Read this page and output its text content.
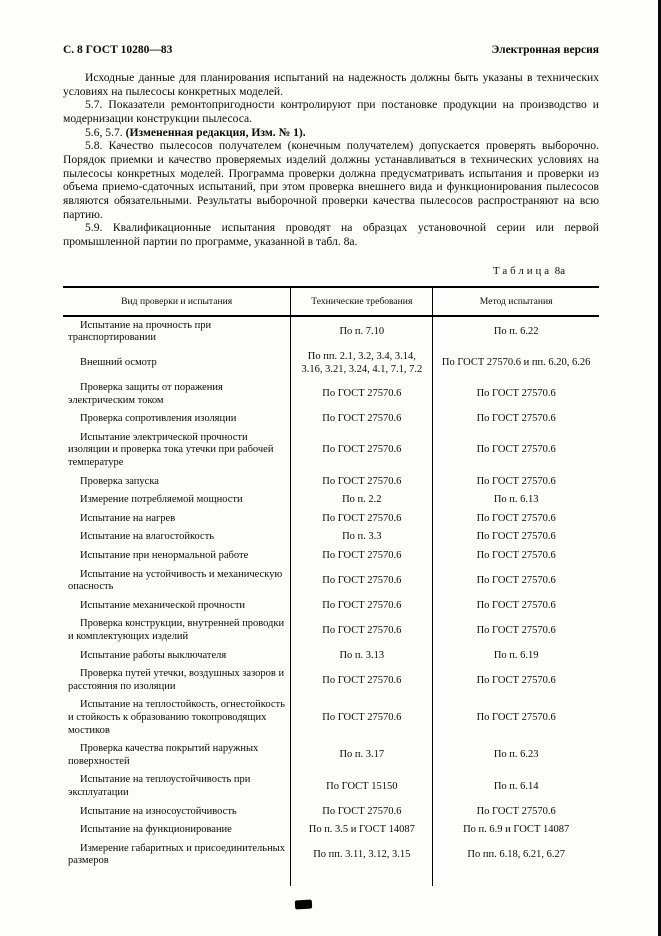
С. 8 ГОСТ 10280—83	Электронная версия

Исходные данные для планирования испытаний на надежность должны быть указаны в технических условиях на пылесосы конкретных моделей.

5.7. Показатели ремонтопригодности контролируют при постановке продукции на производство и модернизации конструкции пылесоса.

5.6, 5.7. (Измененная редакция, Изм. № 1).

5.8. Качество пылесосов получателем (конечным получателем) допускается проверять выборочно. Порядок приемки и качество проверяемых изделий должны устанавливаться в технических условиях на пылесосы конкретных моделей. Программа проверки должна предусматривать испытания и проверки из объема приемо-сдаточных испытаний, при этом проверка внешнего вида и функционирования пылесосов являются обязательными. Результаты выборочной проверки качества пылесосов распространяют на всю партию.

5.9. Квалификационные испытания проводят на образцах установочной серии или первой промышленной партии по программе, указанной в табл. 8а.

Таблица 8а
Вид проверки и испытания	Технические требования	Метод испытания
Испытание на прочность при транспортировании	По п. 7.10	По п. 6.22
Внешний осмотр	По пп. 2.1, 3.2, 3.4, 3.14, 3.16, 3.21, 3.24, 4.1, 7.1, 7.2	По ГОСТ 27570.6 и пп. 6.20, 6.26
Проверка защиты от поражения электрическим током	По ГОСТ 27570.6	По ГОСТ 27570.6
Проверка сопротивления изоляции	По ГОСТ 27570.6	По ГОСТ 27570.6
Испытание электрической прочности изоляции и проверка тока утечки при рабочей температуре	По ГОСТ 27570.6	По ГОСТ 27570.6
Проверка запуска	По ГОСТ 27570.6	По ГОСТ 27570.6
Измерение потребляемой мощности	По п. 2.2	По п. 6.13
Испытание на нагрев	По ГОСТ 27570.6	По ГОСТ 27570.6
Испытание на влагостойкость	По п. 3.3	По ГОСТ 27570.6
Испытание при ненормальной работе	По ГОСТ 27570.6	По ГОСТ 27570.6
Испытание на устойчивость и механическую опасность	По ГОСТ 27570.6	По ГОСТ 27570.6
Испытание механической прочности	По ГОСТ 27570.6	По ГОСТ 27570.6
Проверка конструкции, внутренней проводки и комплектующих изделий	По ГОСТ 27570.6	По ГОСТ 27570.6
Испытание работы выключателя	По п. 3.13	По п. 6.19
Проверка путей утечки, воздушных зазоров и расстояния по изоляции	По ГОСТ 27570.6	По ГОСТ 27570.6
Испытание на теплостойкость, огнестойкость и стойкость к образованию токопроводящих мостиков	По ГОСТ 27570.6	По ГОСТ 27570.6
Проверка качества покрытий наружных поверхностей	По п. 3.17	По п. 6.23
Испытание на теплоустойчивость при эксплуатации	По ГОСТ 15150	По п. 6.14
Испытание на износоустойчивость	По ГОСТ 27570.6	По ГОСТ 27570.6
Испытание на функционирование	По п. 3.5 и ГОСТ 14087	По п. 6.9 и ГОСТ 14087
Измерение габаритных и присоединительных размеров	По пп. 3.11, 3.12, 3.15	По пп. 6.18, 6.21, 6.27
